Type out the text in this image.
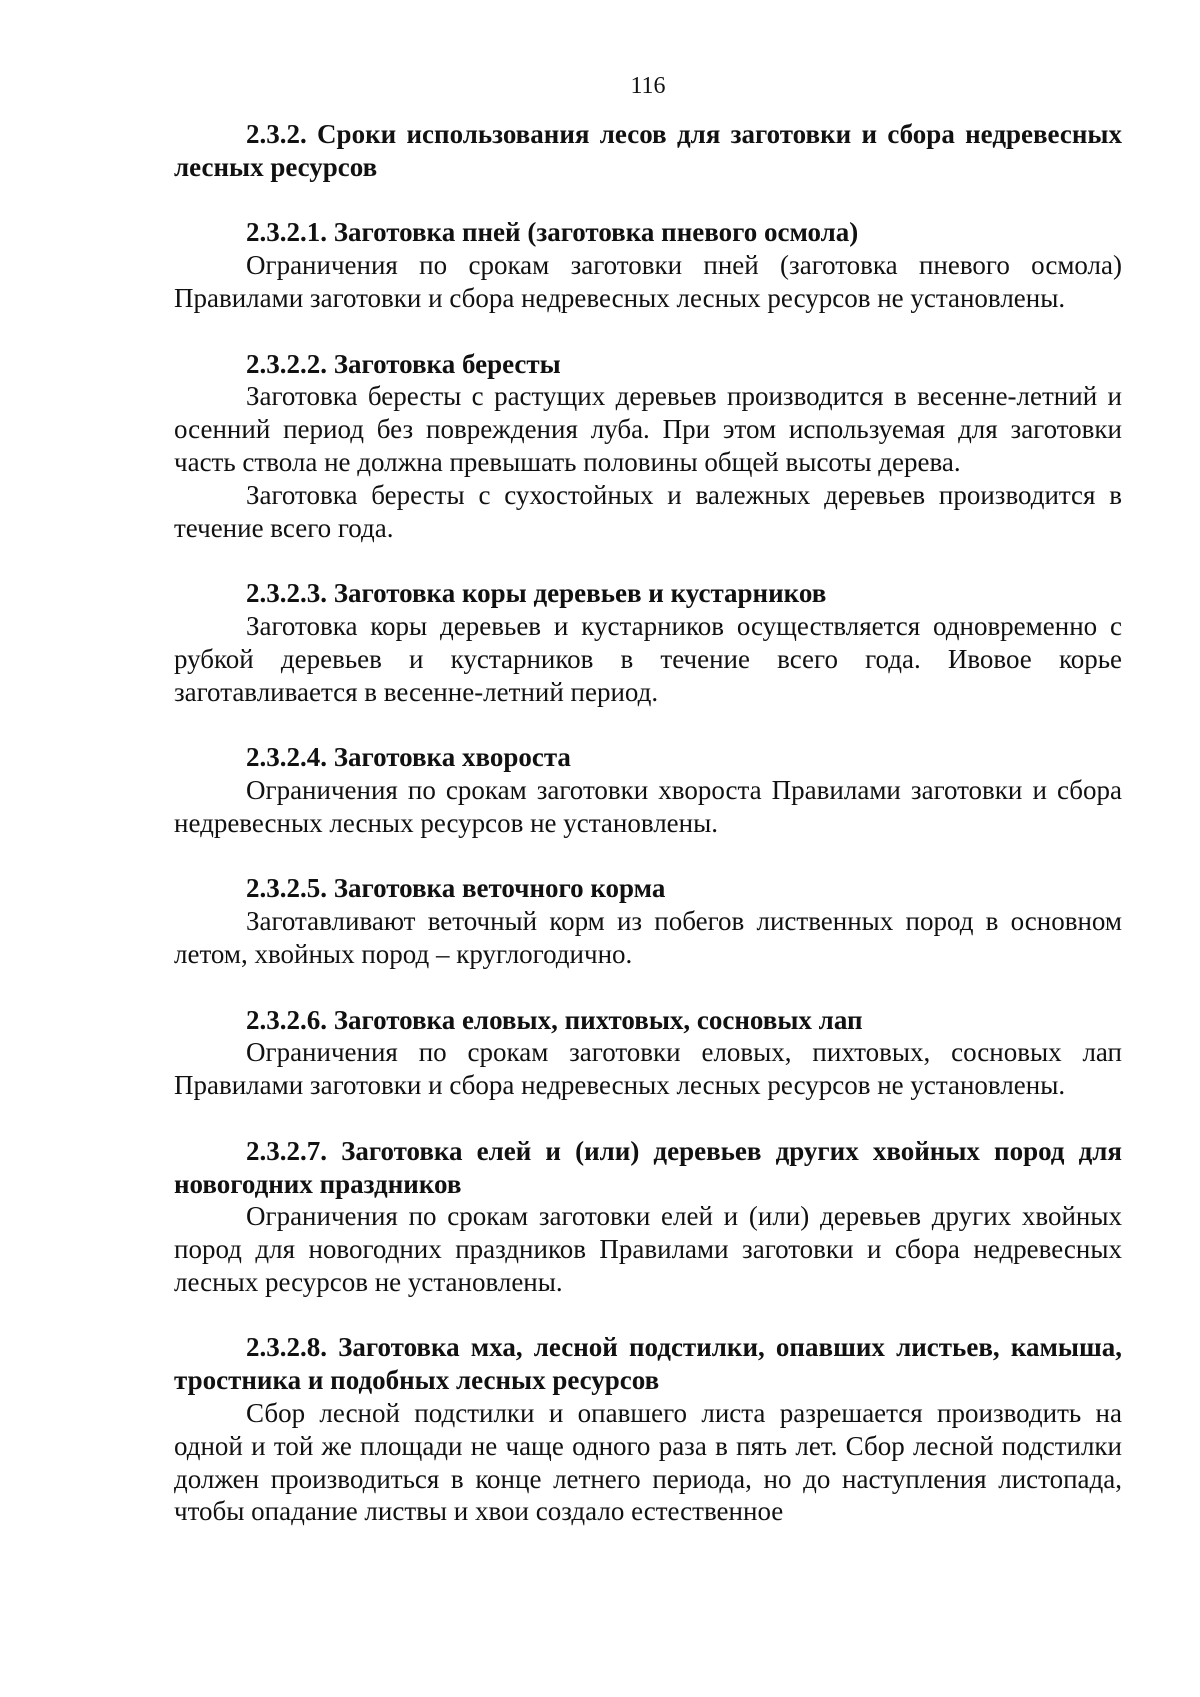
116

2.3.2. Сроки использования лесов для заготовки и сбора недревесных лесных ресурсов

2.3.2.1. Заготовка пней (заготовка пневого осмола)

Ограничения по срокам заготовки пней (заготовка пневого осмола) Правилами заготовки и сбора недревесных лесных ресурсов не установлены.

2.3.2.2. Заготовка бересты

Заготовка бересты с растущих деревьев производится в весенне-летний и осенний период без повреждения луба. При этом используемая для заготовки часть ствола не должна превышать половины общей высоты дерева.

Заготовка бересты с сухостойных и валежных деревьев производится в течение всего года.

2.3.2.3. Заготовка коры деревьев и кустарников

Заготовка коры деревьев и кустарников осуществляется одновременно с рубкой деревьев и кустарников в течение всего года. Ивовое корье заготавливается в весенне-летний период.

2.3.2.4. Заготовка хвороста

Ограничения по срокам заготовки хвороста Правилами заготовки и сбора недревесных лесных ресурсов не установлены.

2.3.2.5. Заготовка веточного корма

Заготавливают веточный корм из побегов лиственных пород в основном летом, хвойных пород – круглогодично.

2.3.2.6. Заготовка еловых, пихтовых, сосновых лап

Ограничения по срокам заготовки еловых, пихтовых, сосновых лап Правилами заготовки и сбора недревесных лесных ресурсов не установлены.

2.3.2.7. Заготовка елей и (или) деревьев других хвойных пород для новогодних праздников

Ограничения по срокам заготовки елей и (или) деревьев других хвойных пород для новогодних праздников Правилами заготовки и сбора недревесных лесных ресурсов не установлены.

2.3.2.8. Заготовка мха, лесной подстилки, опавших листьев, камыша, тростника и подобных лесных ресурсов

Сбор лесной подстилки и опавшего листа разрешается производить на одной и той же площади не чаще одного раза в пять лет. Сбор лесной подстилки должен производиться в конце летнего периода, но до наступления листопада, чтобы опадание листвы и хвои создало естественное
